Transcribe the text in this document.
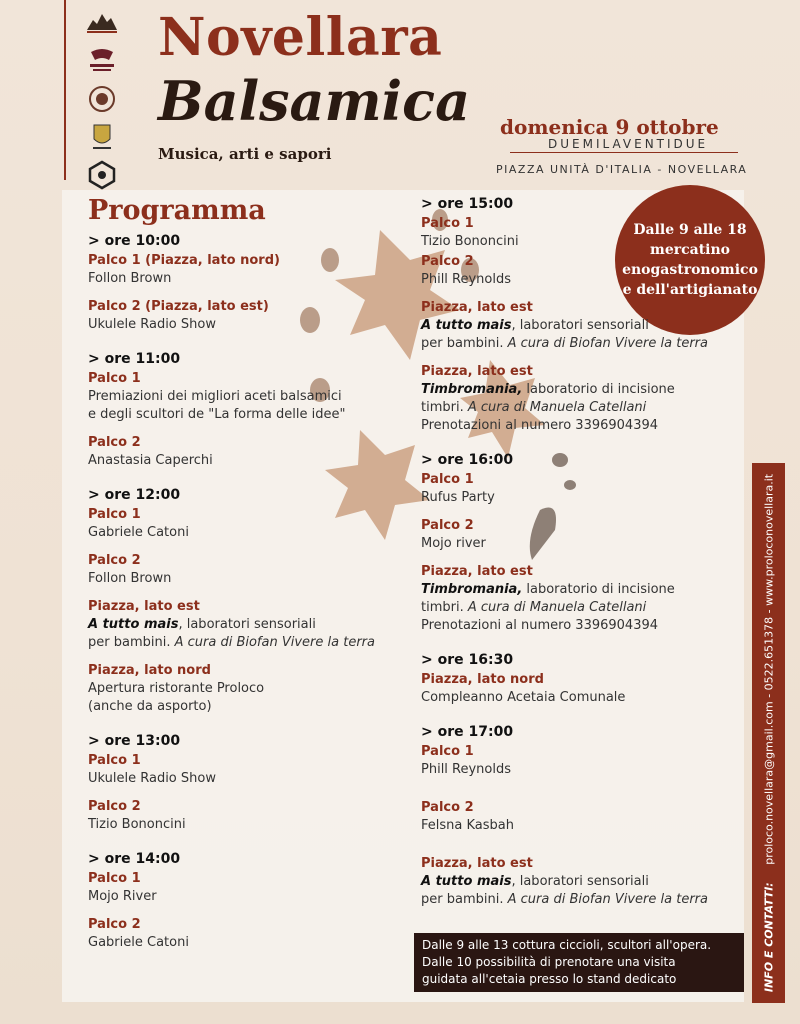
Novellara
Balsamica
Musica, arti e sapori
domenica 9 ottobre
DUEMILAVENTIDUE
PIAZZA UNITÀ D'ITALIA - NOVELLARA
Programma
Dalle 9 alle 18
mercatino
enogastronomico
e dell'artigianato
> ore 10:00
Palco 1 (Piazza, lato nord)
Follon Brown
Palco 2 (Piazza, lato est)
Ukulele Radio Show
> ore 11:00
Palco 1
Premiazioni dei migliori aceti balsamici
e degli scultori de "La forma delle idee"
Palco 2
Anastasia Caperchi
> ore 12:00
Palco 1
Gabriele Catoni
Palco 2
Follon Brown
Piazza, lato est
A tutto mais, laboratori sensoriali
per bambini. A cura di Biofan Vivere la terra
Piazza, lato nord
Apertura ristorante Proloco
(anche da asporto)
> ore 13:00
Palco 1
Ukulele Radio Show
Palco 2
Tizio Bononcini
> ore 14:00
Palco 1
Mojo River
Palco 2
Gabriele Catoni
> ore 15:00
Palco 1
Tizio Bononcini
Palco 2
Phill Reynolds
Piazza, lato est
A tutto mais, laboratori sensoriali
per bambini. A cura di Biofan Vivere la terra
Piazza, lato est
Timbromania, laboratorio di incisione
timbri. A cura di Manuela Catellani
Prenotazioni al numero 3396904394
> ore 16:00
Palco 1
Rufus Party
Palco 2
Mojo river
Piazza, lato est
Timbromania, laboratorio di incisione
timbri. A cura di Manuela Catellani
Prenotazioni al numero 3396904394
> ore 16:30
Piazza, lato nord
Compleanno Acetaia Comunale
> ore 17:00
Palco 1
Phill Reynolds
Palco 2
Felsna Kasbah
Piazza, lato est
A tutto mais, laboratori sensoriali
per bambini. A cura di Biofan Vivere la terra
Dalle 9 alle 13 cottura ciccioli, scultori all'opera.
Dalle 10 possibilità di prenotare una visita
guidata all'cetaia presso lo stand dedicato	INFO E CONTATTI: proloco.novellara@gmail.com - 0522.651378 - www.proloconovellara.it
